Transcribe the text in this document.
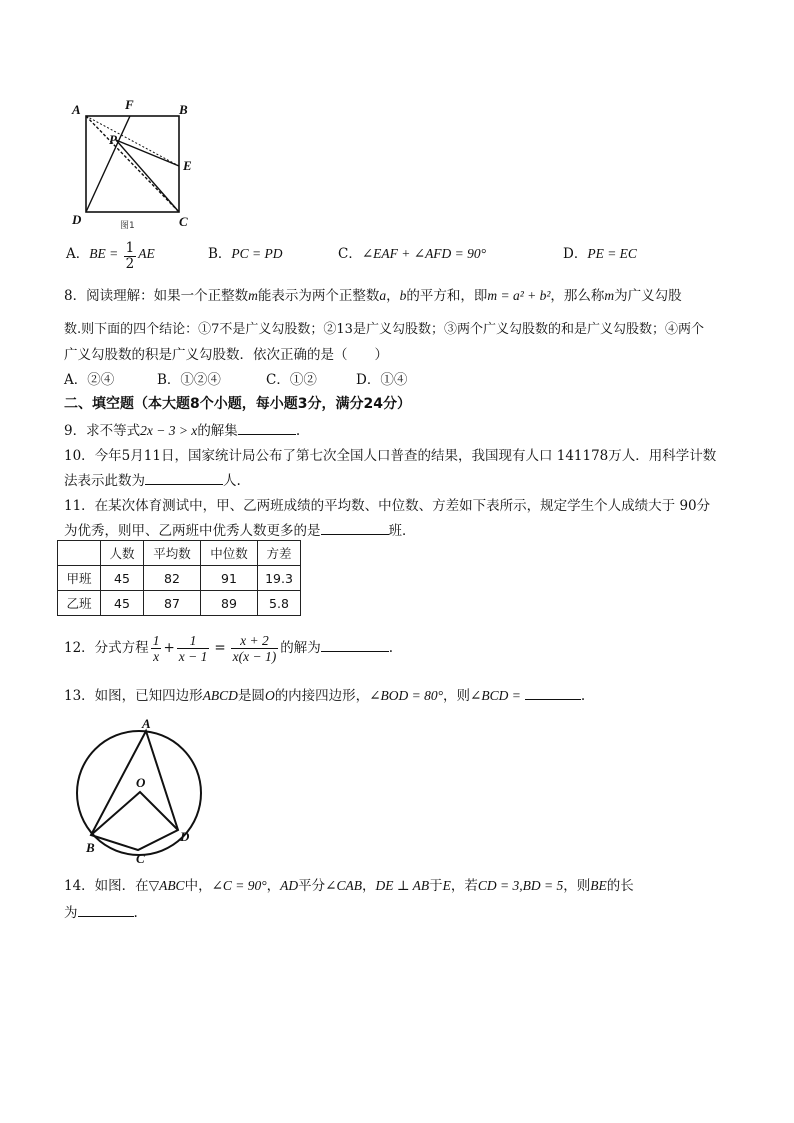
A	F	B
P
E
D	C
图1
A．BE = $\frac{1}{2}$ AE	B．PC = PD	C．∠EAF + ∠AFD = 90°	D．PE = EC
8．阅读理解：如果一个正整数m能表示为两个正整数a，b的平方和，即m = a² + b²，那么称m为广义勾股
数.则下面的四个结论：①7不是广义勾股数；②13是广义勾股数；③两个广义勾股数的和是广义勾股数；④两个
广义勾股数的积是广义勾股数．依次正确的是（　　）
A．②④	B．①②④	C．①②	D．①④
二、填空题（本大题8个小题，每小题3分，满分24分）
9．求不等式2x − 3 > x的解集	.
10．今年5月11日，国家统计局公布了第七次全国人口普查的结果，我国现有人口 141178万人．用科学计数
法表示此数为	人.
11．在某次体育测试中，甲、乙两班成绩的平均数、中位数、方差如下表所示，规定学生个人成绩大于 90分
为优秀，则甲、乙两班中优秀人数更多的是	班．
	人数	平均数	中位数	方差
甲班	45	82	91	19.3
乙班	45	87	89	5.8
12．分式方程 $\frac{1}{x} + \frac{1}{x - 1} = \frac{x + 2}{x(x - 1)}$ 的解为	.
13．如图，已知四边形ABCD是圆O的内接四边形，∠BOD = 80°，则∠BCD =	.
A
O
B
C
D
14．如图．在▽ABC中，∠C = 90°，AD平分∠CAB，DE ⊥ AB于E，若CD = 3,BD = 5，则BE的长
为	.
